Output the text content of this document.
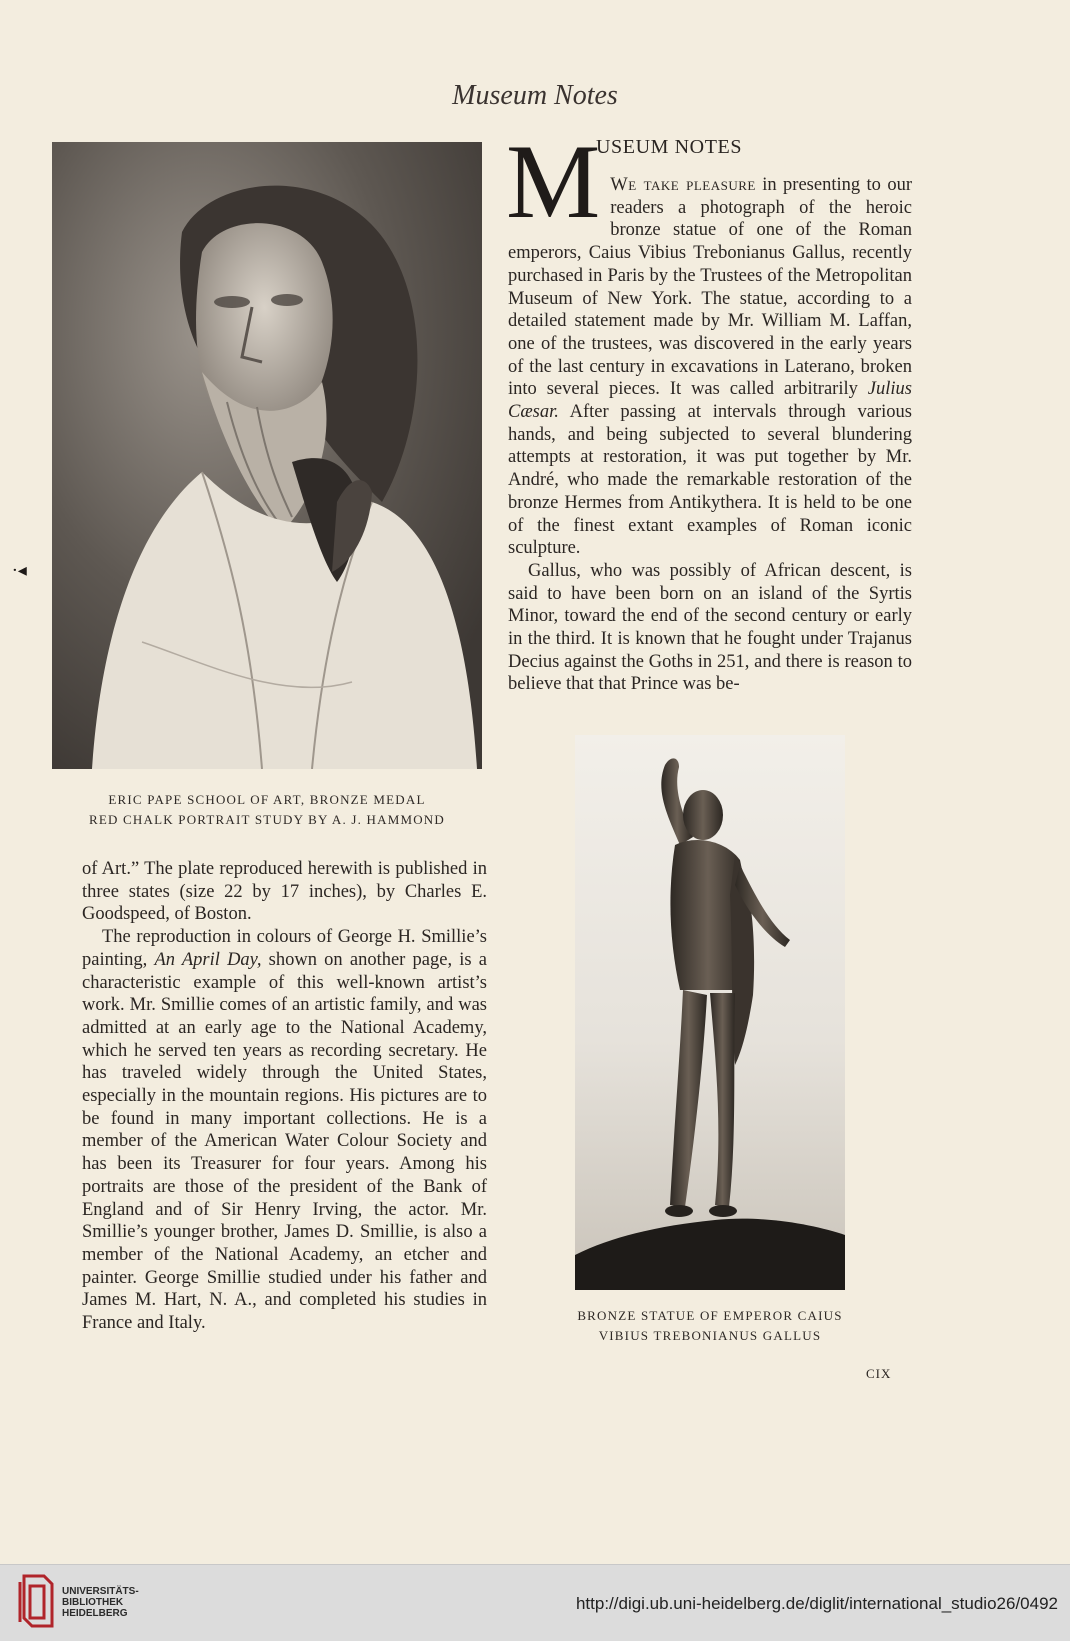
Museum Notes
·◂
ERIC PAPE SCHOOL OF ART, BRONZE MEDAL
RED CHALK PORTRAIT STUDY BY A. J. HAMMOND
USEUM NOTES

M We take pleasure in presenting to our readers a photograph of the heroic bronze statue of one of the Roman emperors, Caius Vibius Trebonianus Gallus, recently purchased in Paris by the Trustees of the Metropolitan Museum of New York. The statue, according to a detailed statement made by Mr. William M. Laffan, one of the trustees, was discovered in the early years of the last century in excavations in Laterano, broken into several pieces. It was called arbitrarily Julius Cæsar. After passing at intervals through various hands, and being subjected to several blundering attempts at restoration, it was put together by Mr. André, who made the remarkable restoration of the bronze Hermes from Antikythera. It is held to be one of the finest extant examples of Roman iconic sculpture.

Gallus, who was possibly of African descent, is said to have been born on an island of the Syrtis Minor, toward the end of the second century or early in the third. It is known that he fought under Trajanus Decius against the Goths in 251, and there is reason to believe that that Prince was be-

of Art.” The plate reproduced herewith is published in three states (size 22 by 17 inches), by Charles E. Goodspeed, of Boston.

The reproduction in colours of George H. Smillie’s painting, An April Day, shown on another page, is a characteristic example of this well-known artist’s work. Mr. Smillie comes of an artistic family, and was admitted at an early age to the National Academy, which he served ten years as recording secretary. He has traveled widely through the United States, especially in the mountain regions. His pictures are to be found in many important collections. He is a member of the American Water Colour Society and has been its Treasurer for four years. Among his portraits are those of the president of the Bank of England and of Sir Henry Irving, the actor. Mr. Smillie’s younger brother, James D. Smillie, is also a member of the National Academy, an etcher and painter. George Smillie studied under his father and James M. Hart, N. A., and completed his studies in France and Italy.	BRONZE STATUE OF EMPEROR CAIUS
VIBIUS TREBONIANUS GALLUS
CIX
UNIVERSITÄTS-
BIBLIOTHEK
HEIDELBERG
http://digi.ub.uni-heidelberg.de/diglit/international_studio26/0492
